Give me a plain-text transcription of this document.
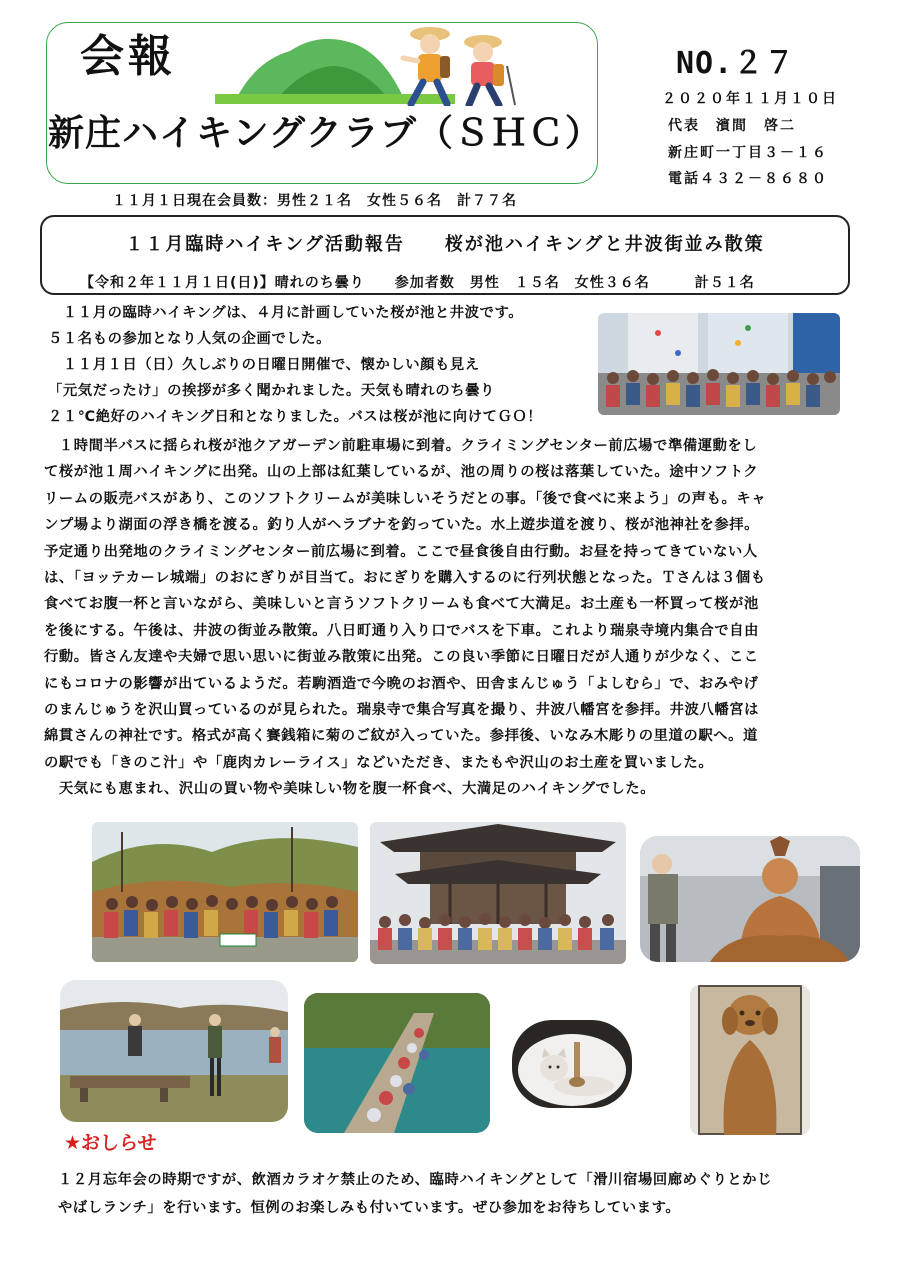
会報
新庄ハイキングクラブ（ＳＨＣ）
NO.２７
２０２０年１１月１０日
代表　濱間　啓二
新庄町一丁目３－１６
電話４３２－８６８０
１１月１日現在会員数：男性２１名　女性５６名　計７７名
１１月臨時ハイキング活動報告　　桜が池ハイキングと井波街並み散策
【令和２年１１月１日(日)】晴れのち曇り　　参加者数　男性　１５名　女性３６名　　　計５１名
　１１月の臨時ハイキングは、４月に計画していた桜が池と井波です。
５１名もの参加となり人気の企画でした。
　１１月１日（日）久しぶりの日曜日開催で、懐かしい顔も見え
「元気だったけ」の挨拶が多く聞かれました。天気も晴れのち曇り
２１℃絶好のハイキング日和となりました。バスは桜が池に向けてＧＯ！
　１時間半バスに揺られ桜が池クアガーデン前駐車場に到着。クライミングセンター前広場で準備運動をし
て桜が池１周ハイキングに出発。山の上部は紅葉しているが、池の周りの桜は落葉していた。途中ソフトク
リームの販売バスがあり、このソフトクリームが美味しいそうだとの事。「後で食べに来よう」の声も。キャ
ンプ場より湖面の浮き橋を渡る。釣り人がヘラブナを釣っていた。水上遊歩道を渡り、桜が池神社を参拝。
予定通り出発地のクライミングセンター前広場に到着。ここで昼食後自由行動。お昼を持ってきていない人
は、「ヨッテカーレ城端」のおにぎりが目当て。おにぎりを購入するのに行列状態となった。Ｔさんは３個も
食べてお腹一杯と言いながら、美味しいと言うソフトクリームも食べて大満足。お土産も一杯買って桜が池
を後にする。午後は、井波の街並み散策。八日町通り入り口でバスを下車。これより瑞泉寺境内集合で自由
行動。皆さん友達や夫婦で思い思いに街並み散策に出発。この良い季節に日曜日だが人通りが少なく、ここ
にもコロナの影響が出ているようだ。若駒酒造で今晩のお酒や、田舎まんじゅう「よしむら」で、おみやげ
のまんじゅうを沢山買っているのが見られた。瑞泉寺で集合写真を撮り、井波八幡宮を参拝。井波八幡宮は
綿貫さんの神社です。格式が高く賽銭箱に菊のご紋が入っていた。参拝後、いなみ木彫りの里道の駅へ。道
の駅でも「きのこ汁」や「鹿肉カレーライス」などいただき、またもや沢山のお土産を買いました。
　天気にも恵まれ、沢山の買い物や美味しい物を腹一杯食べ、大満足のハイキングでした。
★おしらせ
１２月忘年会の時期ですが、飲酒カラオケ禁止のため、臨時ハイキングとして「滑川宿場回廊めぐりとかじ
やばしランチ」を行います。恒例のお楽しみも付いています。ぜひ参加をお待ちしています。
